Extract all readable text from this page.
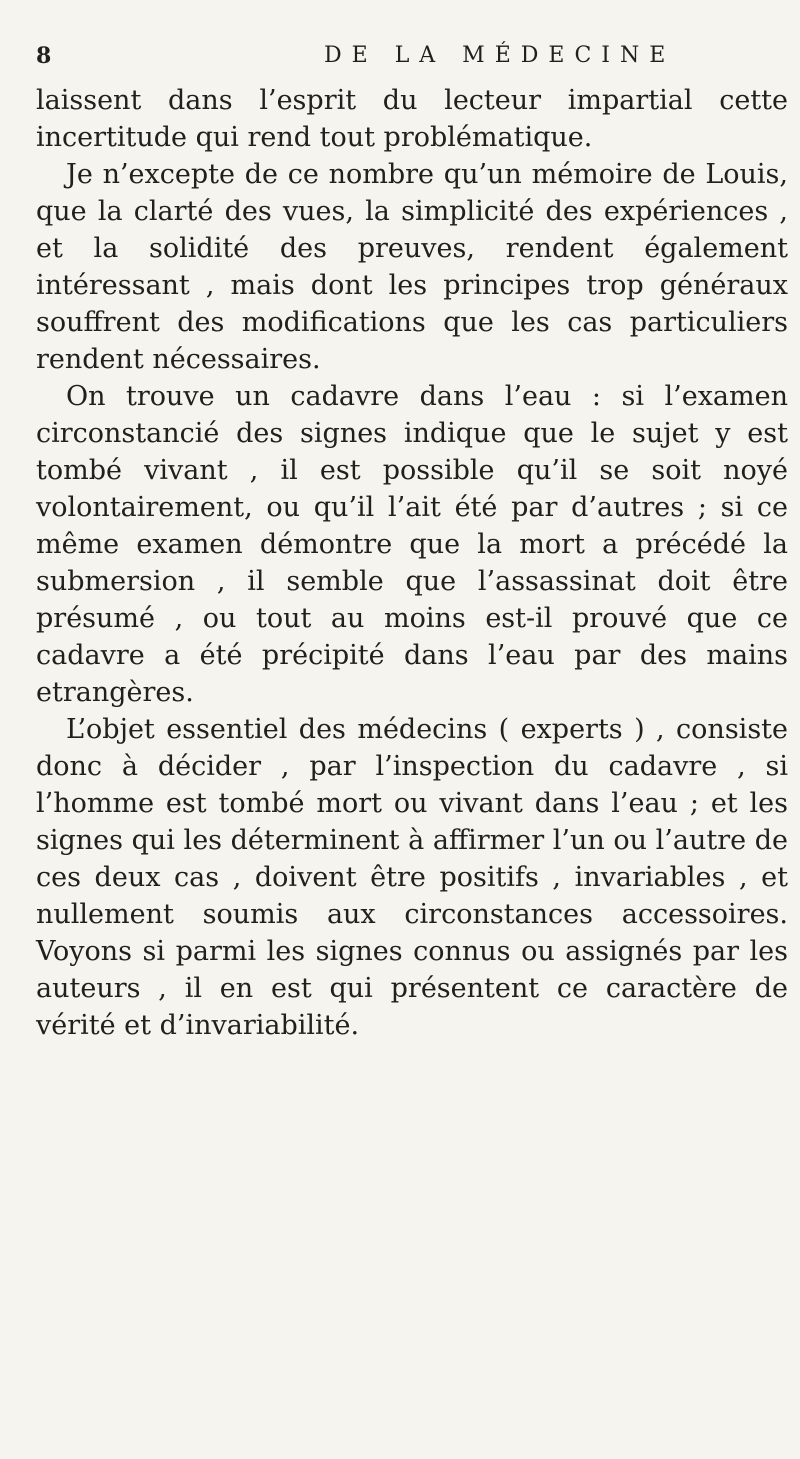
8	DE LA MÉDECINE

laissent dans l’esprit du lecteur impartial cette incertitude qui rend tout problématique.

Je n’excepte de ce nombre qu’un mémoire de Louis, que la clarté des vues, la simplicité des expériences , et la solidité des preuves, rendent également intéressant , mais dont les principes trop généraux souffrent des modifications que les cas particuliers rendent nécessaires.

On trouve un cadavre dans l’eau : si l’examen circonstancié des signes indique que le sujet y est tombé vivant , il est possible qu’il se soit noyé volontairement, ou qu’il l’ait été par d’autres ; si ce même examen démontre que la mort a précédé la submersion , il semble que l’assassinat doit être présumé , ou tout au moins est-il prouvé que ce cadavre a été précipité dans l’eau par des mains etrangères.

L’objet essentiel des médecins ( experts ) , consiste donc à décider , par l’inspection du cadavre , si l’homme est tombé mort ou vivant dans l’eau ; et les signes qui les déterminent à affirmer l’un ou l’autre de ces deux cas , doivent être positifs , invariables , et nullement soumis aux circonstances accessoires. Voyons si parmi les signes connus ou assignés par les auteurs , il en est qui présentent ce caractère de vérité et d’invariabilité.
